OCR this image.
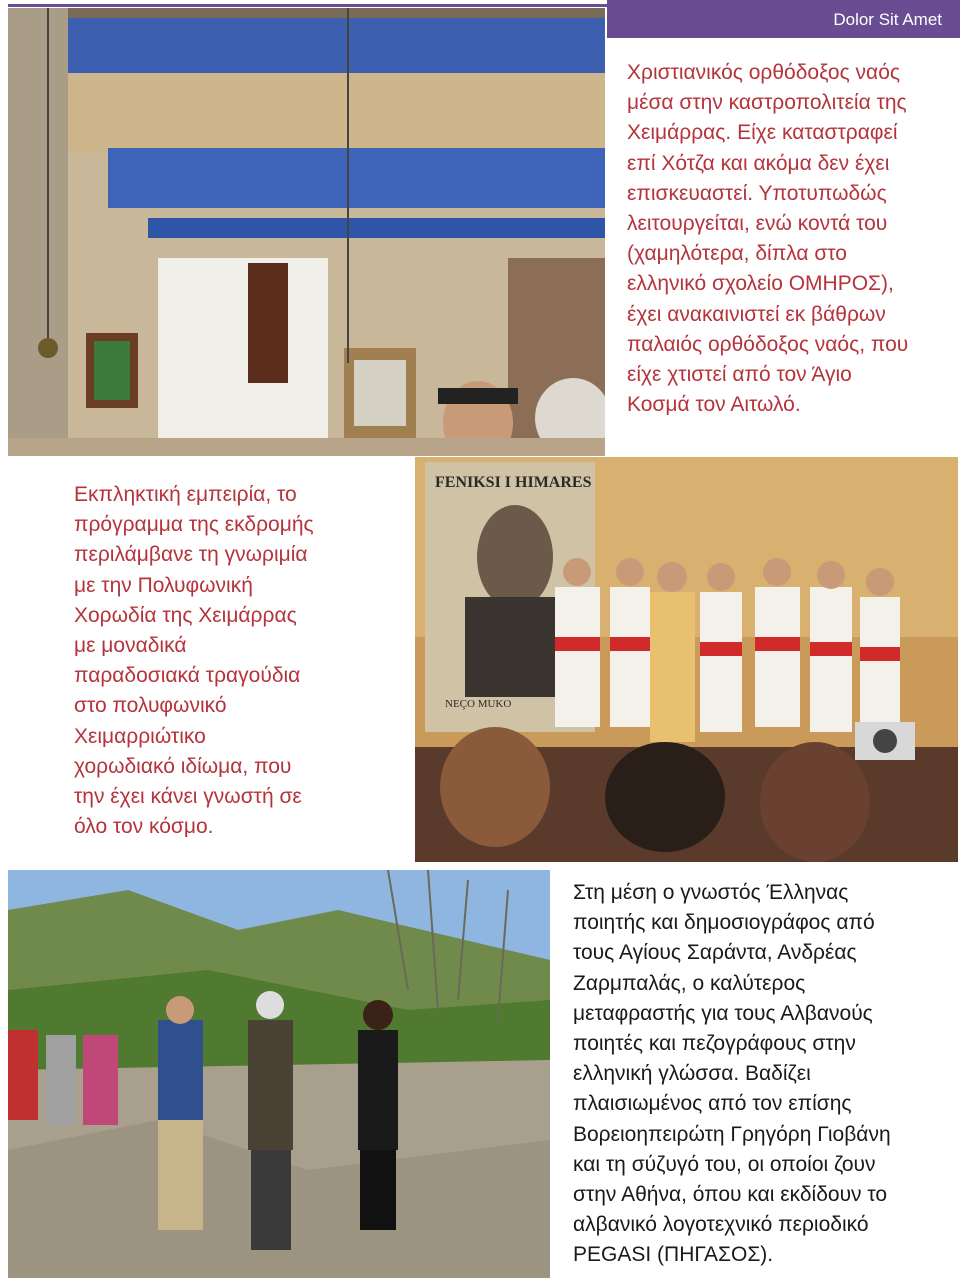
Dolor Sit Amet
Χριστιανικός ορθόδοξος ναός
μέσα στην καστροπολιτεία της
Χειμάρρας. Είχε καταστραφεί
επί Χότζα και ακόμα δεν έχει
επισκευαστεί. Υποτυπωδώς
λειτουργείται, ενώ κοντά του
(χαμηλότερα, δίπλα στο
ελληνικό σχολείο ΟΜΗΡΟΣ),
έχει ανακαινιστεί εκ βάθρων
παλαιός ορθόδοξος ναός, που
είχε χτιστεί από τον Άγιο
Κοσμά τον Αιτωλό.
Εκπληκτική εμπειρία, το
πρόγραμμα της εκδρομής
περιλάμβανε τη γνωριμία
με την Πολυφωνική
Χορωδία της Χειμάρρας
με μοναδικά
παραδοσιακά τραγούδια
στο πολυφωνικό
Χειμαρριώτικο
χορωδιακό ιδίωμα, που
την έχει κάνει γνωστή σε
όλο τον κόσμο.
FENIKSI I HIMARES
NEÇO MUKO
Στη μέση ο γνωστός Έλληνας
ποιητής και δημοσιογράφος από
τους Αγίους Σαράντα, Ανδρέας
Ζαρμπαλάς, ο καλύτερος
μεταφραστής για τους Αλβανούς
ποιητές και πεζογράφους στην
ελληνική γλώσσα. Βαδίζει
πλαισιωμένος από τον επίσης
Βορειοηπειρώτη Γρηγόρη Γιοβάνη
και τη σύζυγό του, οι οποίοι ζουν
στην Αθήνα, όπου και εκδίδουν το
αλβανικό λογοτεχνικό περιοδικό
PEGASI (ΠΗΓΑΣΟΣ).
